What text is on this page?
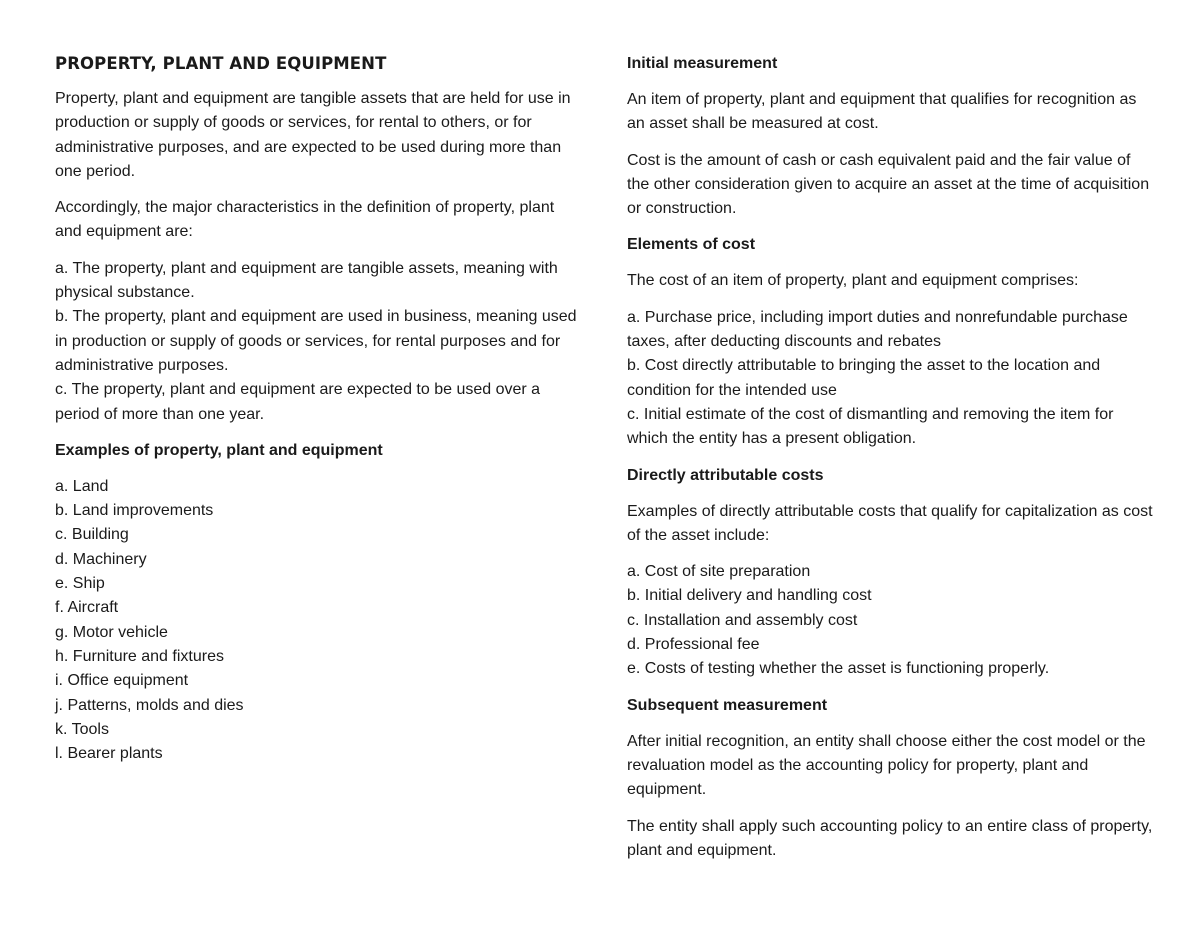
PROPERTY, PLANT AND EQUIPMENT
Property, plant and equipment are tangible assets that are held for use in production or supply of goods or services, for rental to others, or for administrative purposes, and are expected to be used during more than one period.
Accordingly, the major characteristics in the definition of property, plant and equipment are:
a. The property, plant and equipment are tangible assets, meaning with physical substance.
b. The property, plant and equipment are used in business, meaning used in production or supply of goods or services, for rental purposes and for administrative purposes.
c. The property, plant and equipment are expected to be used over a period of more than one year.
Examples of property, plant and equipment
a. Land
b. Land improvements
c. Building
d. Machinery
e. Ship
f. Aircraft
g. Motor vehicle
h. Furniture and fixtures
i. Office equipment
j. Patterns, molds and dies
k. Tools
l. Bearer plants
Initial measurement
An item of property, plant and equipment that qualifies for recognition as an asset shall be measured at cost.
Cost is the amount of cash or cash equivalent paid and the fair value of the other consideration given to acquire an asset at the time of acquisition or construction.
Elements of cost
The cost of an item of property, plant and equipment comprises:
a. Purchase price, including import duties and nonrefundable purchase taxes, after deducting discounts and rebates
b. Cost directly attributable to bringing the asset to the location and condition for the intended use
c. Initial estimate of the cost of dismantling and removing the item for which the entity has a present obligation.
Directly attributable costs
Examples of directly attributable costs that qualify for capitalization as cost of the asset include:
a. Cost of site preparation
b. Initial delivery and handling cost
c. Installation and assembly cost
d. Professional fee
e. Costs of testing whether the asset is functioning properly.
Subsequent measurement
After initial recognition, an entity shall choose either the cost model or the revaluation model as the accounting policy for property, plant and equipment.
The entity shall apply such accounting policy to an entire class of property, plant and equipment.
